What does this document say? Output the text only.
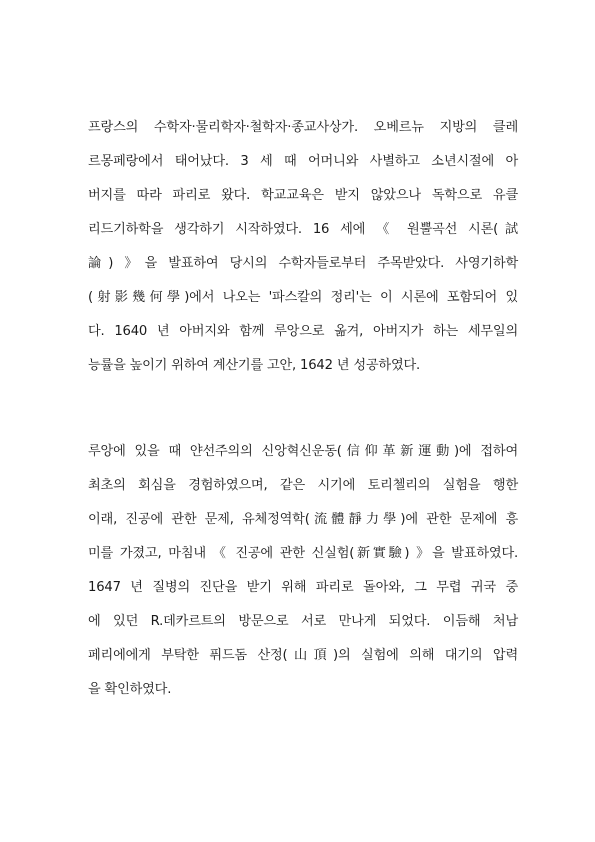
프랑스의 수학자·물리학자·철학자·종교사상가. 오베르뉴 지방의 클레
르몽페랑에서 태어났다. 3 세 때 어머니와 사별하고 소년시절에 아
버지를 따라 파리로 왔다. 학교교육은 받지 않았으나 독학으로 유클
리드기하학을 생각하기 시작하였다. 16 세에 《 원뿔곡선 시론(試
論) 》을 발표하여 당시의 수학자들로부터 주목받았다. 사영기하학
(射影幾何學)에서 나오는 '파스칼의 정리'는 이 시론에 포함되어 있
다. 1640 년 아버지와 함께 루앙으로 옮겨, 아버지가 하는 세무일의
능률을 높이기 위하여 계산기를 고안, 1642 년 성공하였다.
루앙에 있을 때 얀선주의의 신앙혁신운동(信仰革新運動)에 접하여
최초의 회심을 경험하였으며, 같은 시기에 토리첼리의 실험을 행한
이래, 진공에 관한 문제, 유체정역학(流體靜力學)에 관한 문제에 흥
미를 가졌고, 마침내 《 진공에 관한 신실험(新實驗) 》을 발표하였다.
1647 년 질병의 진단을 받기 위해 파리로 돌아와, 그 무렵 귀국 중
에 있던 R.데카르트의 방문으로 서로 만나게 되었다. 이듬해 처남
페리에에게 부탁한 퓌드돔 산정(山頂)의 실험에 의해 대기의 압력
을 확인하였다.
